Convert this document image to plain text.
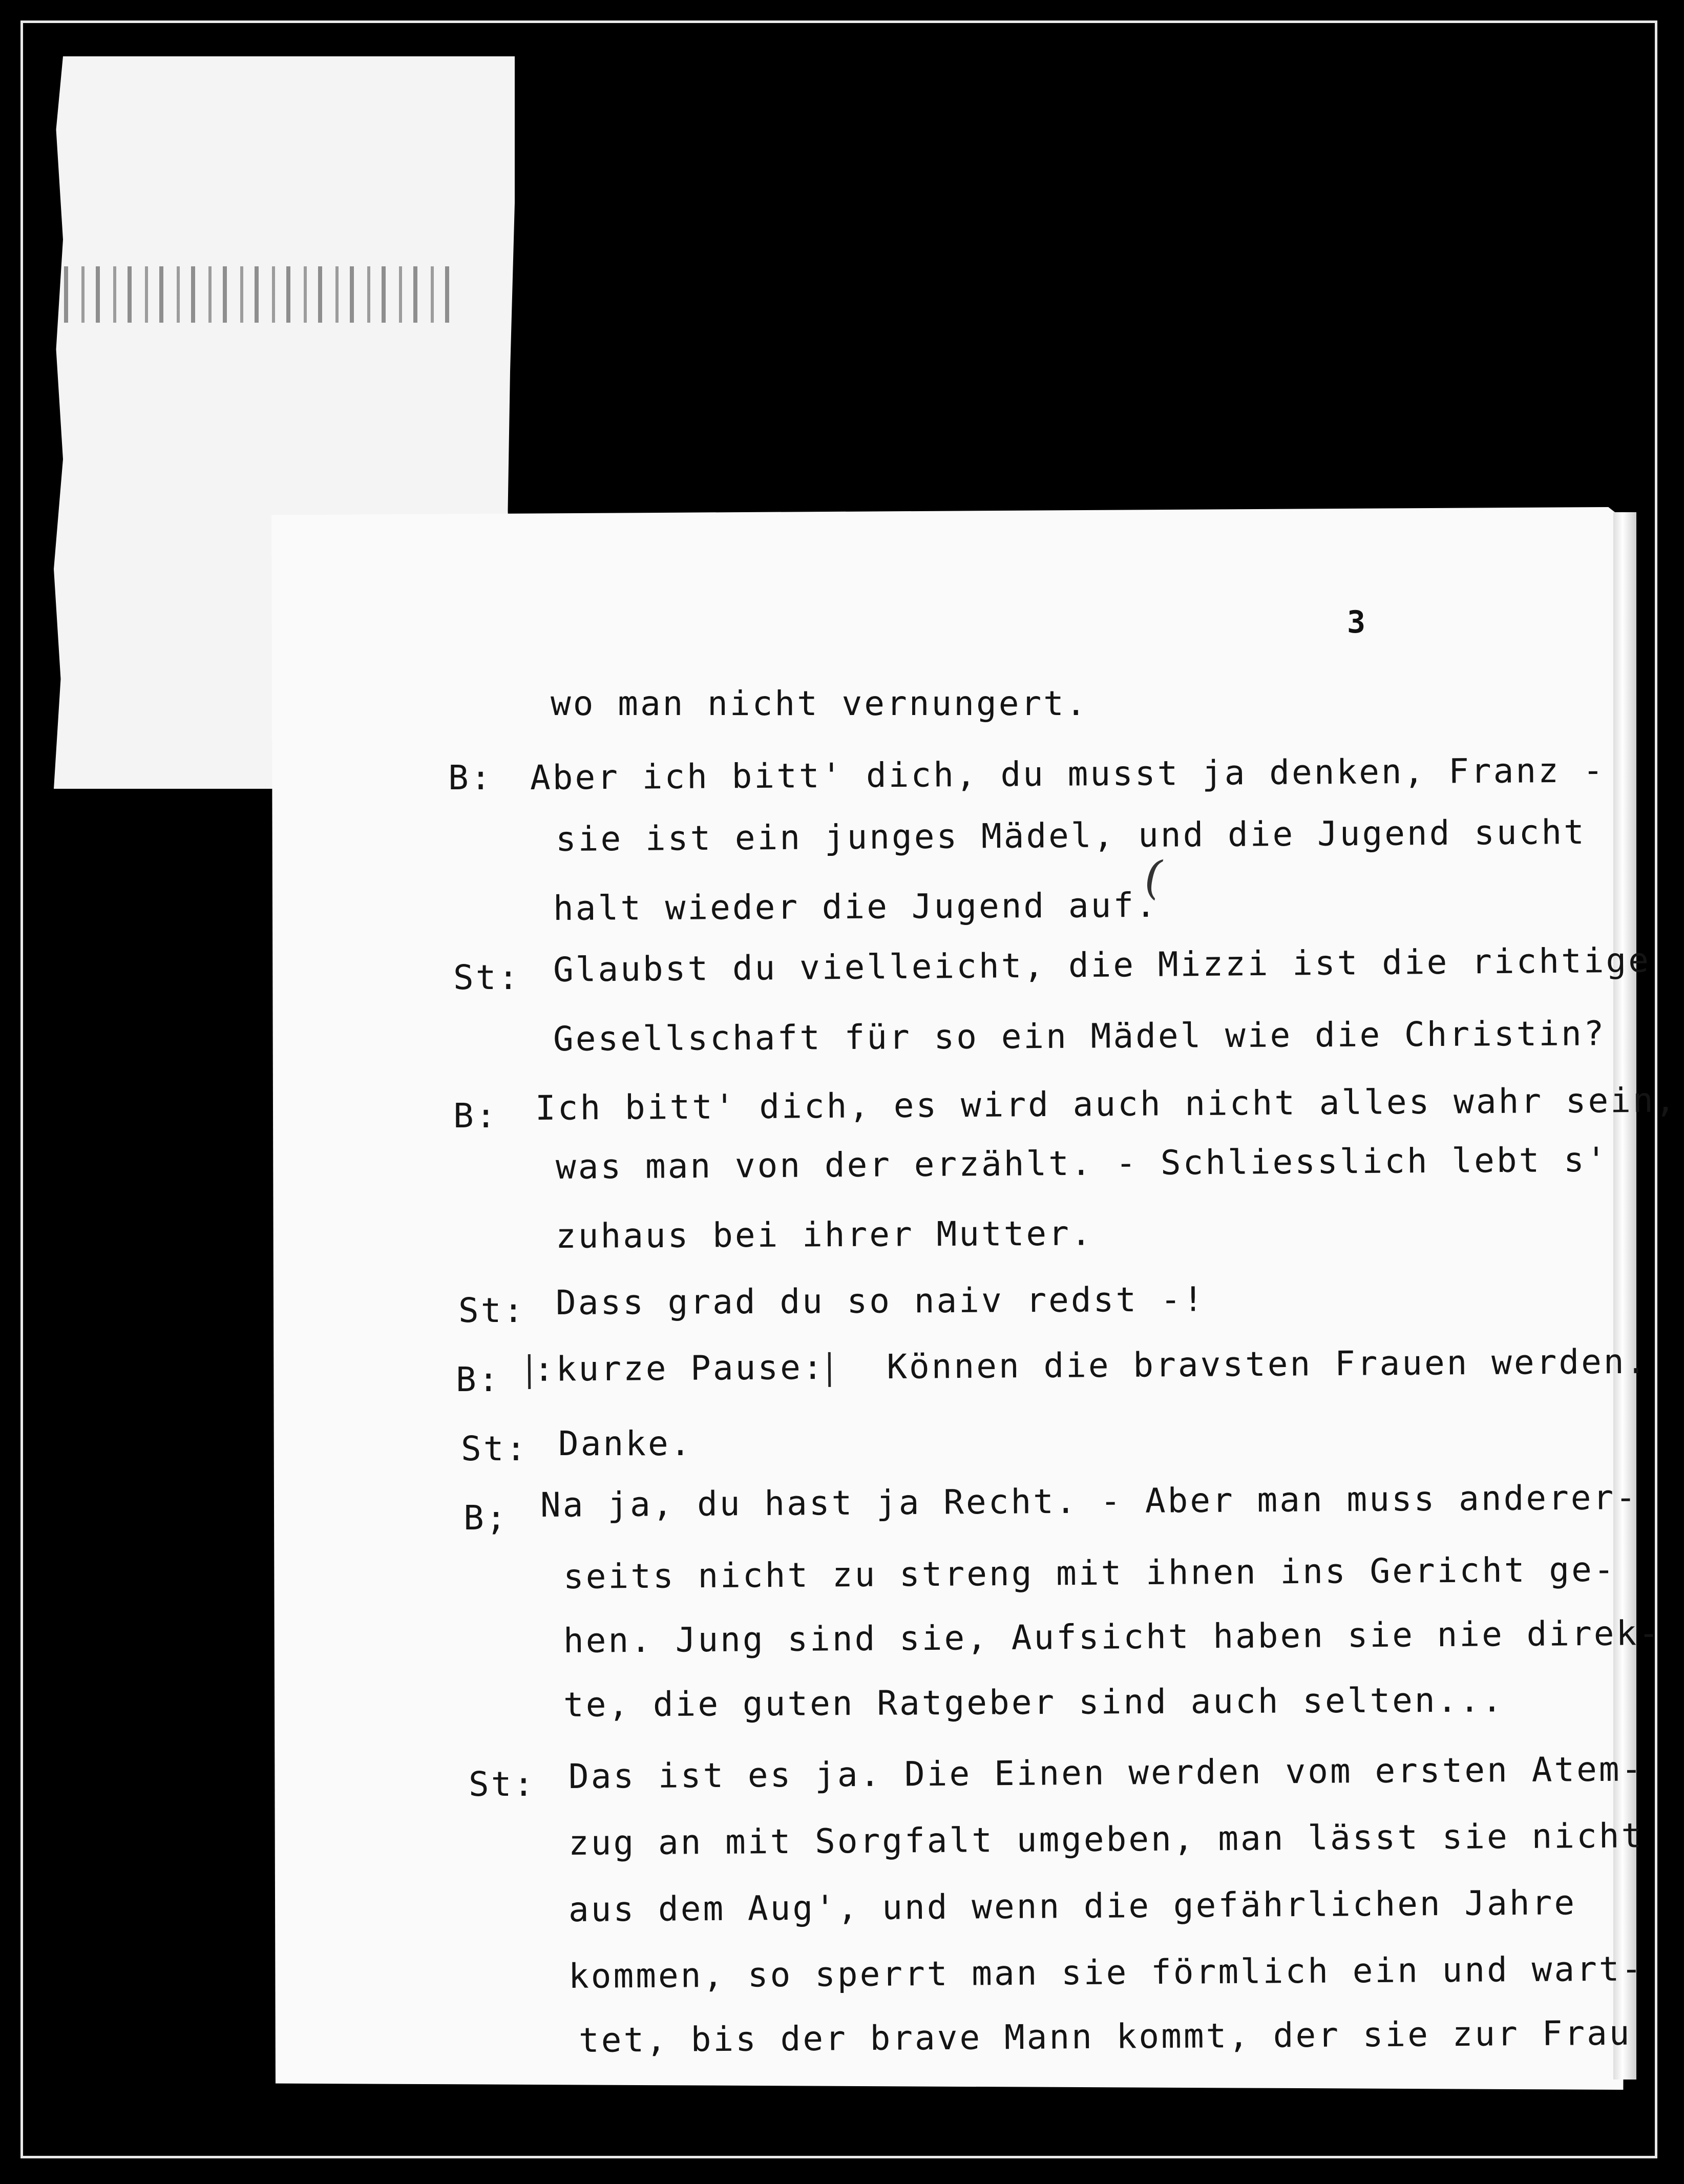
3
(
wo man nicht vernungert.
B: Aber ich bitt' dich, du musst ja denken, Franz -
sie ist ein junges Mädel, und die Jugend sucht
halt wieder die Jugend auf.
St: Glaubst du vielleicht, die Mizzi ist die richtige
Gesellschaft für so ein Mädel wie die Christin?
B: Ich bitt' dich, es wird auch nicht alles wahr sein,
was man von der erzählt. - Schliesslich lebt s'
zuhaus bei ihrer Mutter.
St: Dass grad du so naiv redst -!
B: :kurze Pause: Können die bravsten Frauen werden.
St: Danke.
B; Na ja, du hast ja Recht. - Aber man muss anderer-
seits nicht zu streng mit ihnen ins Gericht ge-
hen. Jung sind sie, Aufsicht haben sie nie direk-
te, die guten Ratgeber sind auch selten...
St: Das ist es ja. Die Einen werden vom ersten Atem-
zug an mit Sorgfalt umgeben, man lässt sie nicht
aus dem Aug', und wenn die gefährlichen Jahre
kommen, so sperrt man sie förmlich ein und wart-
tet, bis der brave Mann kommt, der sie zur Frau
